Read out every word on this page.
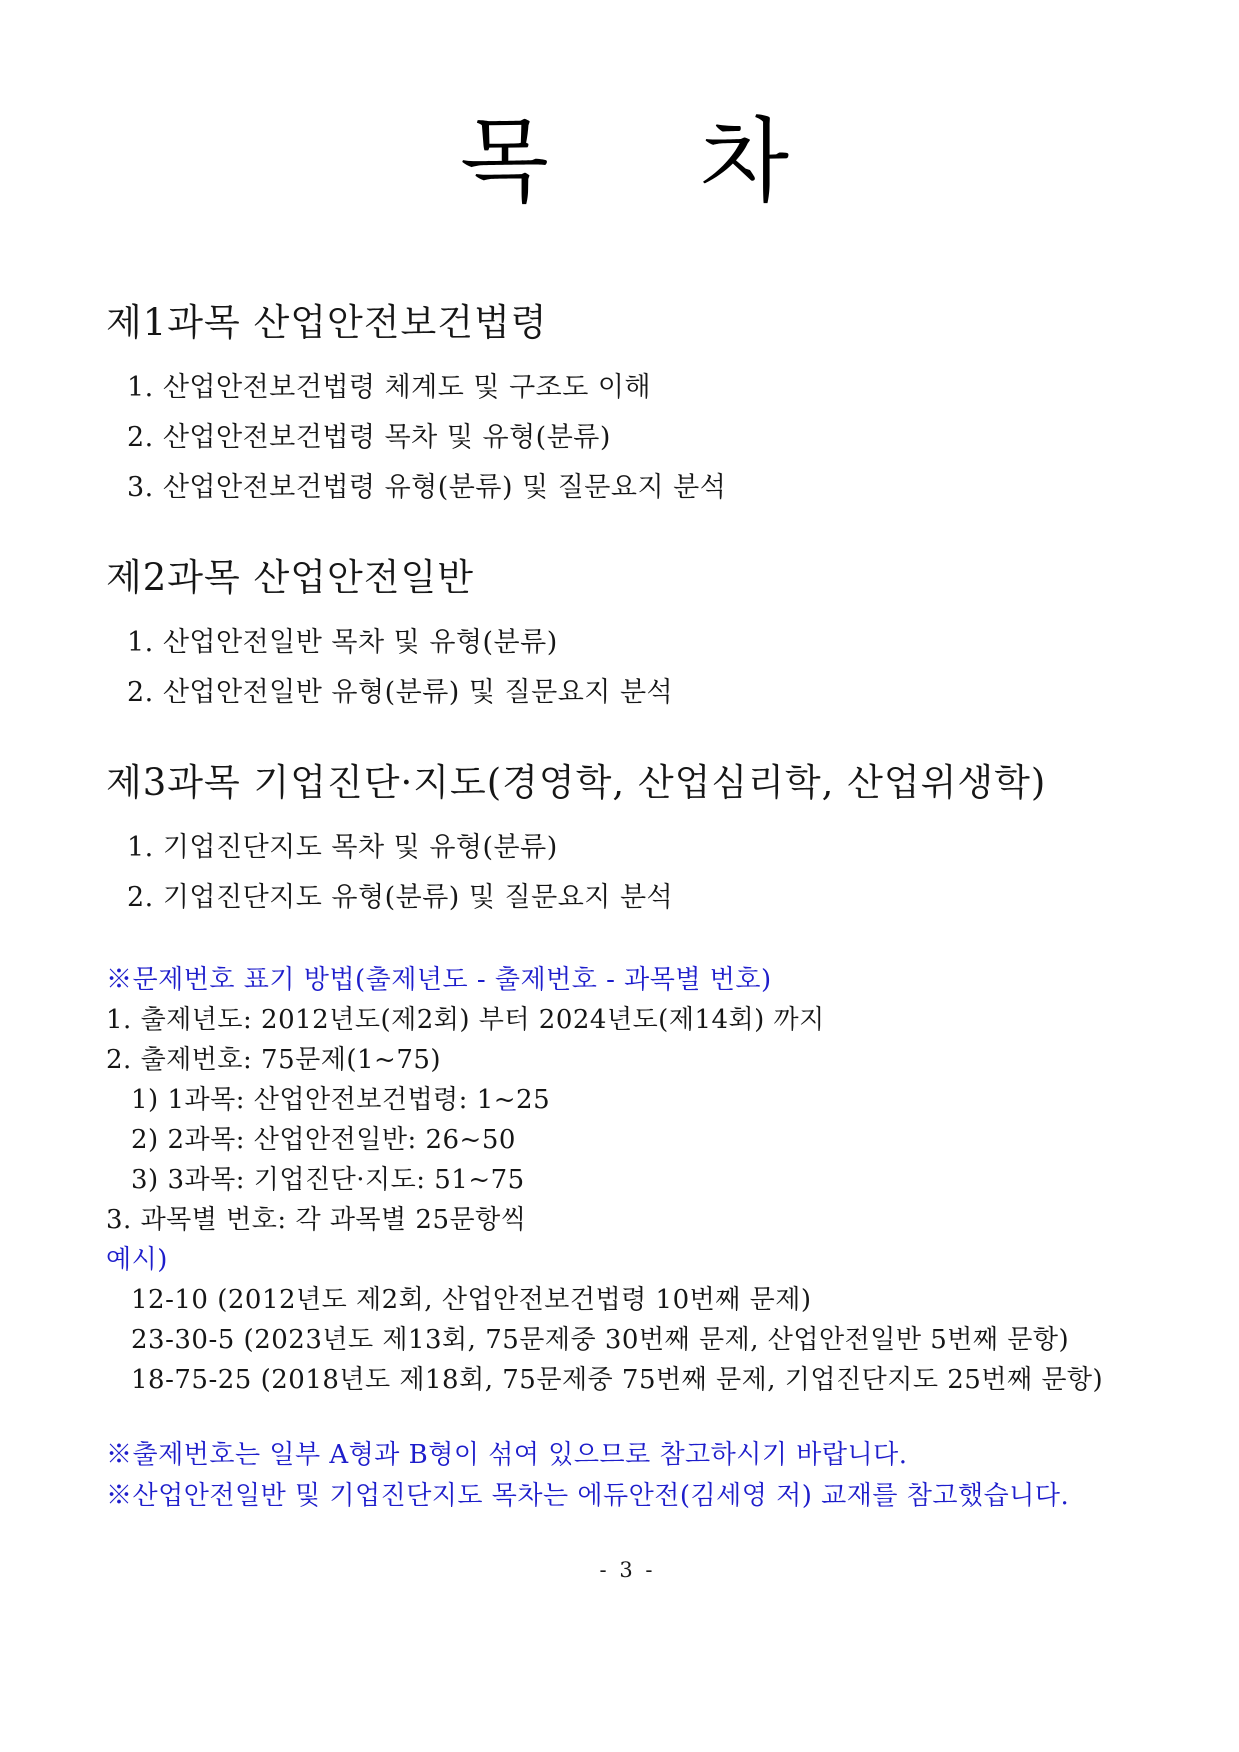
목 차
제1과목 산업안전보건법령

1. 산업안전보건법령 체계도 및 구조도 이해

2. 산업안전보건법령 목차 및 유형(분류)

3. 산업안전보건법령 유형(분류) 및 질문요지 분석

제2과목 산업안전일반

1. 산업안전일반 목차 및 유형(분류)

2. 산업안전일반 유형(분류) 및 질문요지 분석

제3과목 기업진단·지도(경영학, 산업심리학, 산업위생학)

1. 기업진단지도 목차 및 유형(분류)

2. 기업진단지도 유형(분류) 및 질문요지 분석

※문제번호 표기 방법(출제년도 - 출제번호 - 과목별 번호)

1. 출제년도: 2012년도(제2회) 부터 2024년도(제14회) 까지

2. 출제번호: 75문제(1~75)

1) 1과목: 산업안전보건법령: 1~25

2) 2과목: 산업안전일반: 26~50

3) 3과목: 기업진단·지도: 51~75

3. 과목별 번호: 각 과목별 25문항씩

예시)

12-10 (2012년도 제2회, 산업안전보건법령 10번째 문제)

23-30-5 (2023년도 제13회, 75문제중 30번째 문제, 산업안전일반 5번째 문항)

18-75-25 (2018년도 제18회, 75문제중 75번째 문제, 기업진단지도 25번째 문항)

※출제번호는 일부 A형과 B형이 섞여 있으므로 참고하시기 바랍니다.

※산업안전일반 및 기업진단지도 목차는 에듀안전(김세영 저) 교재를 참고했습니다.

- 3 -
